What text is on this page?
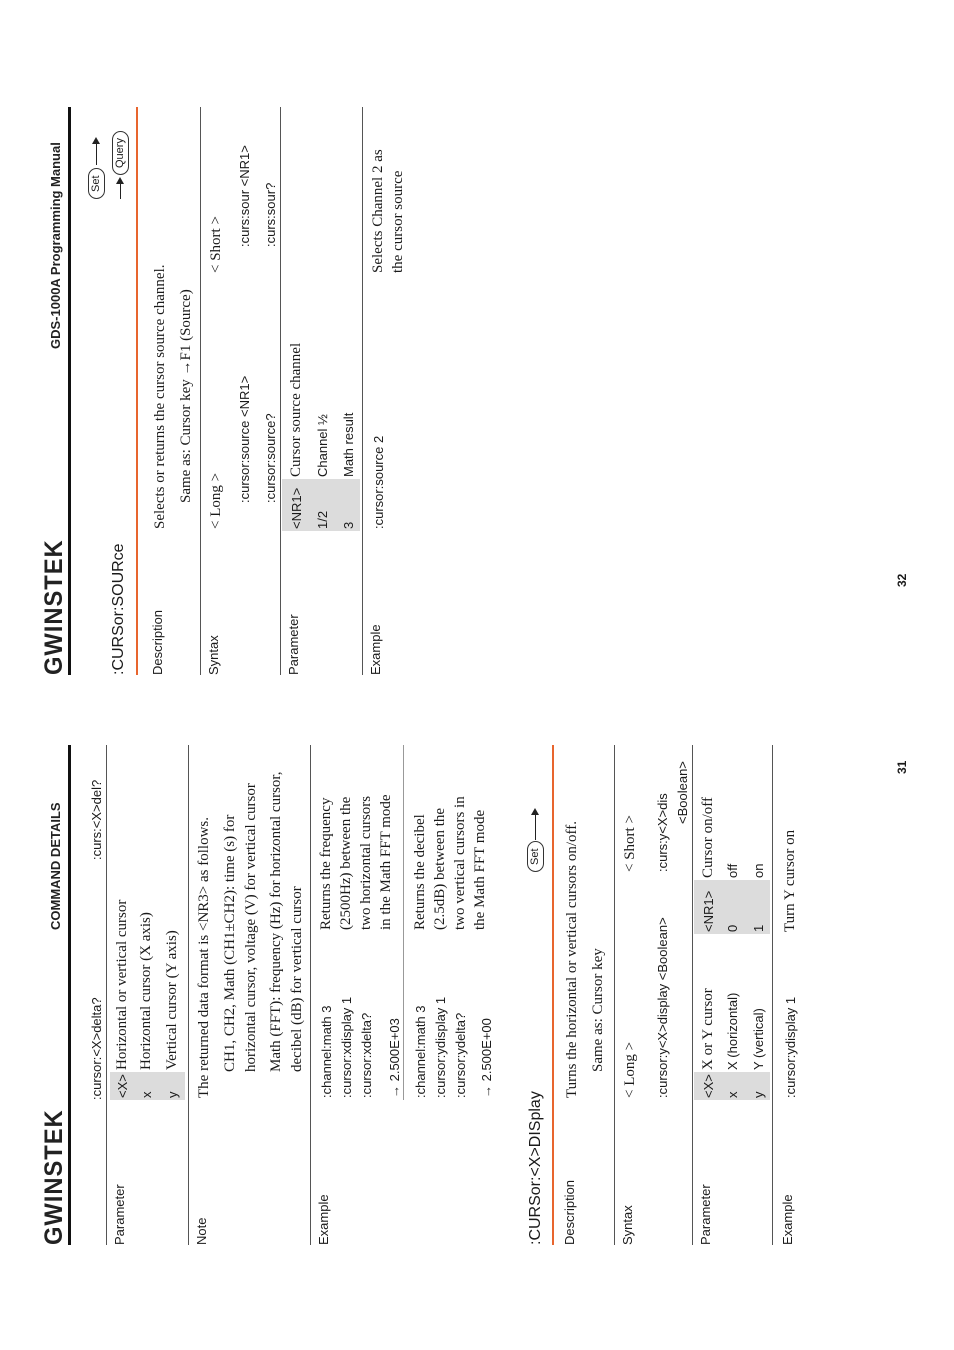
GWINSTEK
COMMAND DETAILS
:cursor:<X>delta?
:curs:<X>del?
Parameter
<X>
Horizontal or vertical cursor
x
Horizontal cursor (X axis)
y
Vertical cursor (Y axis)
Note
The returned data format is <NR3> as follows. CH1, CH2, Math (CH1±CH2): time (s) for horizontal cursor, voltage (V) for vertical cursor Math (FFT): frequency (Hz) for horizontal cursor, decibel (dB) for vertical cursor
Example
:channel:math 3 :cursor:xdisplay 1 :cursor:xdelta? → 2.500E+03
Returns the frequency (2500Hz) between the two horizontal cursors in the Math FFT mode
:channel:math 3 :cursor:ydisplay 1 :cursor:ydelta? → 2.500E+00
Returns the decibel (2.5dB) between the two vertical cursors in the Math FFT mode
:CURSor:<X>DISplay
Set
Description
Turns the horizontal or vertical cursors on/off. Same as: Cursor key
Syntax
< Long >
< Short >
:cursor:y<X>display <Boolean>
:curs:y<X>dis
<Boolean>
Parameter
<X>
X or Y cursor
<NR1>
Cursor on/off
x
X (horizontal)
0
off
y
Y (vertical)
1
on
Example
:cursor:ydisplay 1
Turn Y cursor on
31
GWINSTEK
GDS-1000A Programming Manual
:CURSor:SOURce
Set
Query
Description
Selects or returns the cursor source channel. Same as: Cursor key →F1 (Source)
Syntax
< Long >
< Short >
:cursor:source <NR1>
:curs:sour <NR1>
:cursor:source?
:curs:sour?
Parameter
<NR1>
Cursor source channel
1/2
Channel ½
3
Math result
Example
:cursor:source 2
Selects Channel 2 as the cursor source
32
